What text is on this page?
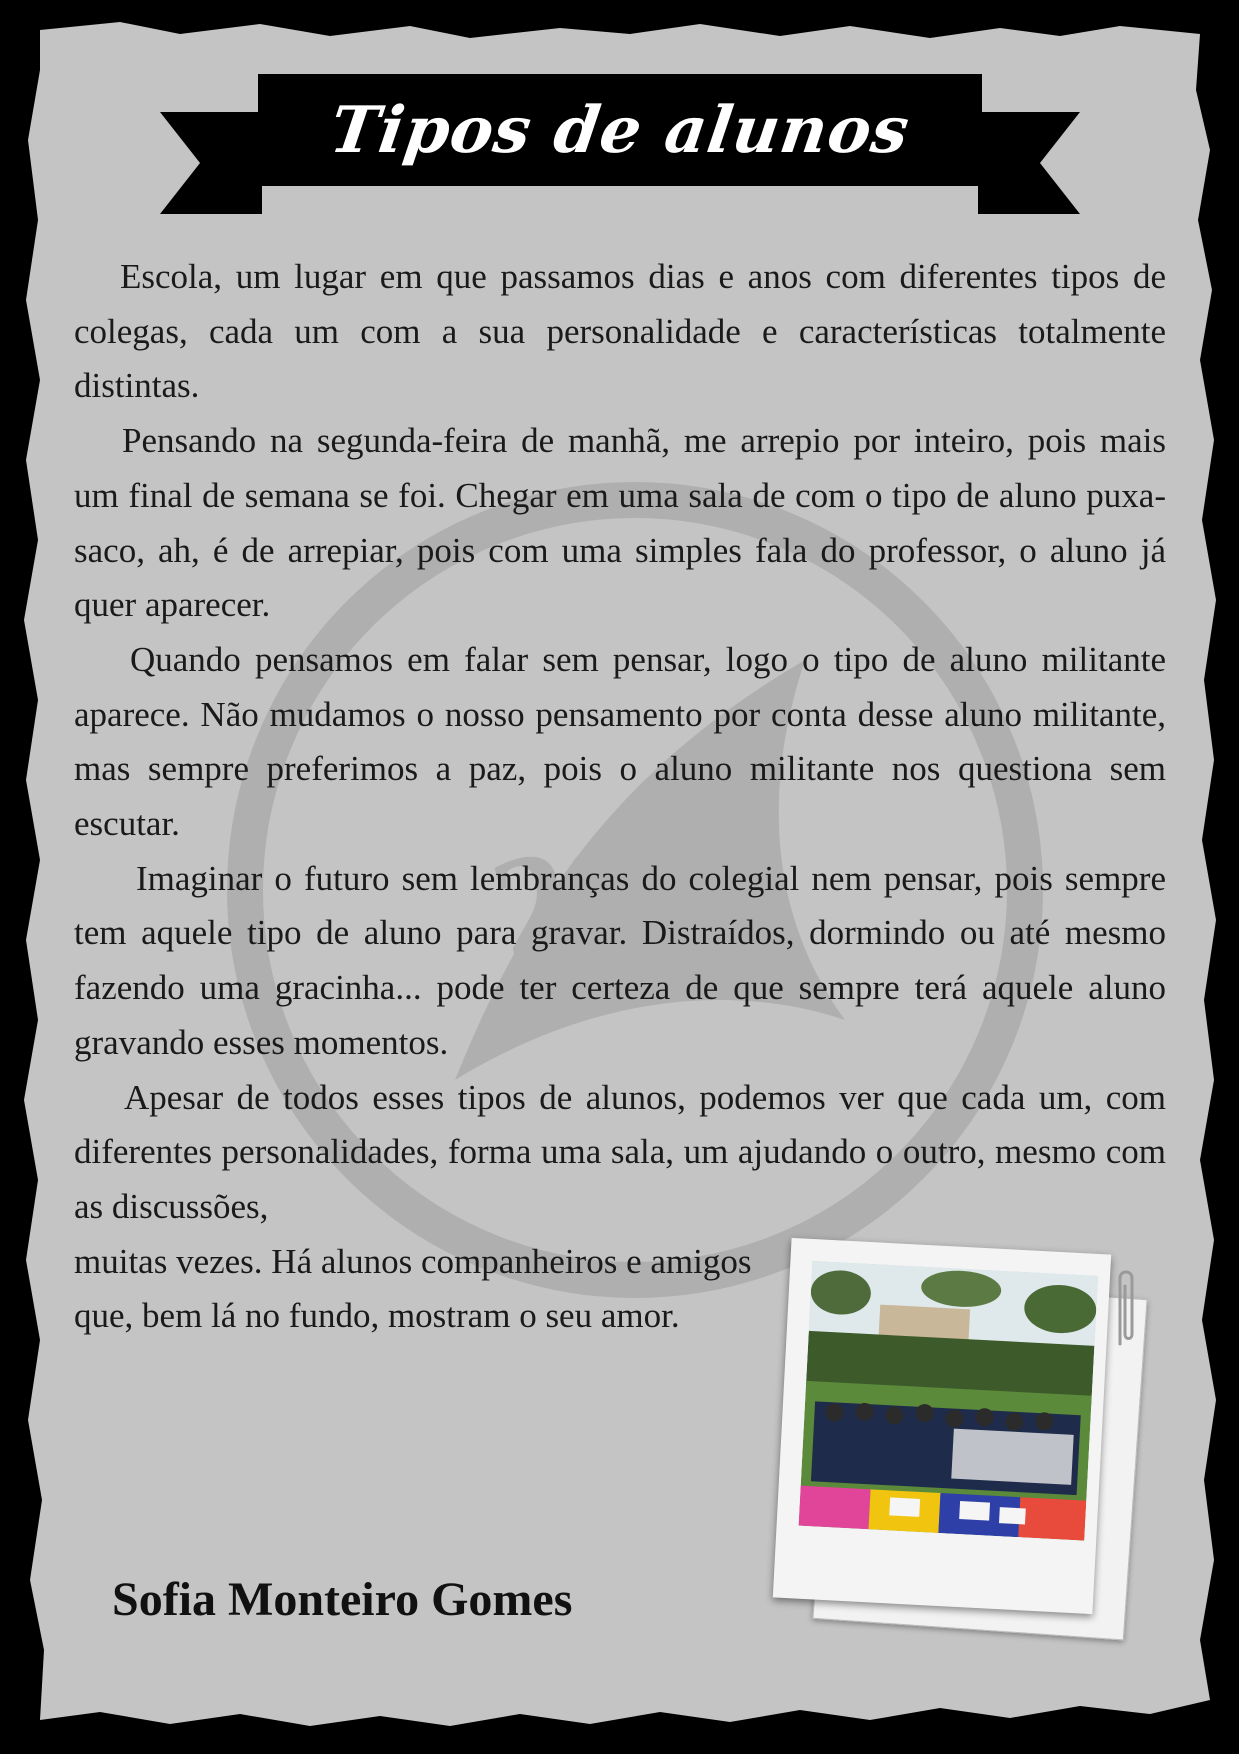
21D
Tipos de alunos

Escola, um lugar em que passamos dias e anos com diferentes tipos de colegas, cada um com a sua personalidade e características totalmente distintas.

Pensando na segunda-feira de manhã, me arrepio por inteiro, pois mais um final de semana se foi. Chegar em uma sala de com o tipo de aluno puxa-saco, ah, é de arrepiar, pois com uma simples fala do professor, o aluno já quer aparecer.

Quando pensamos em falar sem pensar, logo o tipo de aluno militante aparece. Não mudamos o nosso pensamento por conta desse aluno militante, mas sempre preferimos a paz, pois o aluno militante nos questiona sem escutar.

Imaginar o futuro sem lembranças do colegial nem pensar, pois sempre tem aquele tipo de aluno para gravar. Distraídos, dormindo ou até mesmo fazendo uma gracinha... pode ter certeza de que sempre terá aquele aluno gravando esses momentos.

Apesar de todos esses tipos de alunos, podemos ver que cada um, com diferentes personalidades, forma uma sala, um ajudando o outro, mesmo com as discussões,

muitas vezes. Há alunos companheiros e amigos que, bem lá no fundo, mostram o seu amor.

Sofia Monteiro Gomes
